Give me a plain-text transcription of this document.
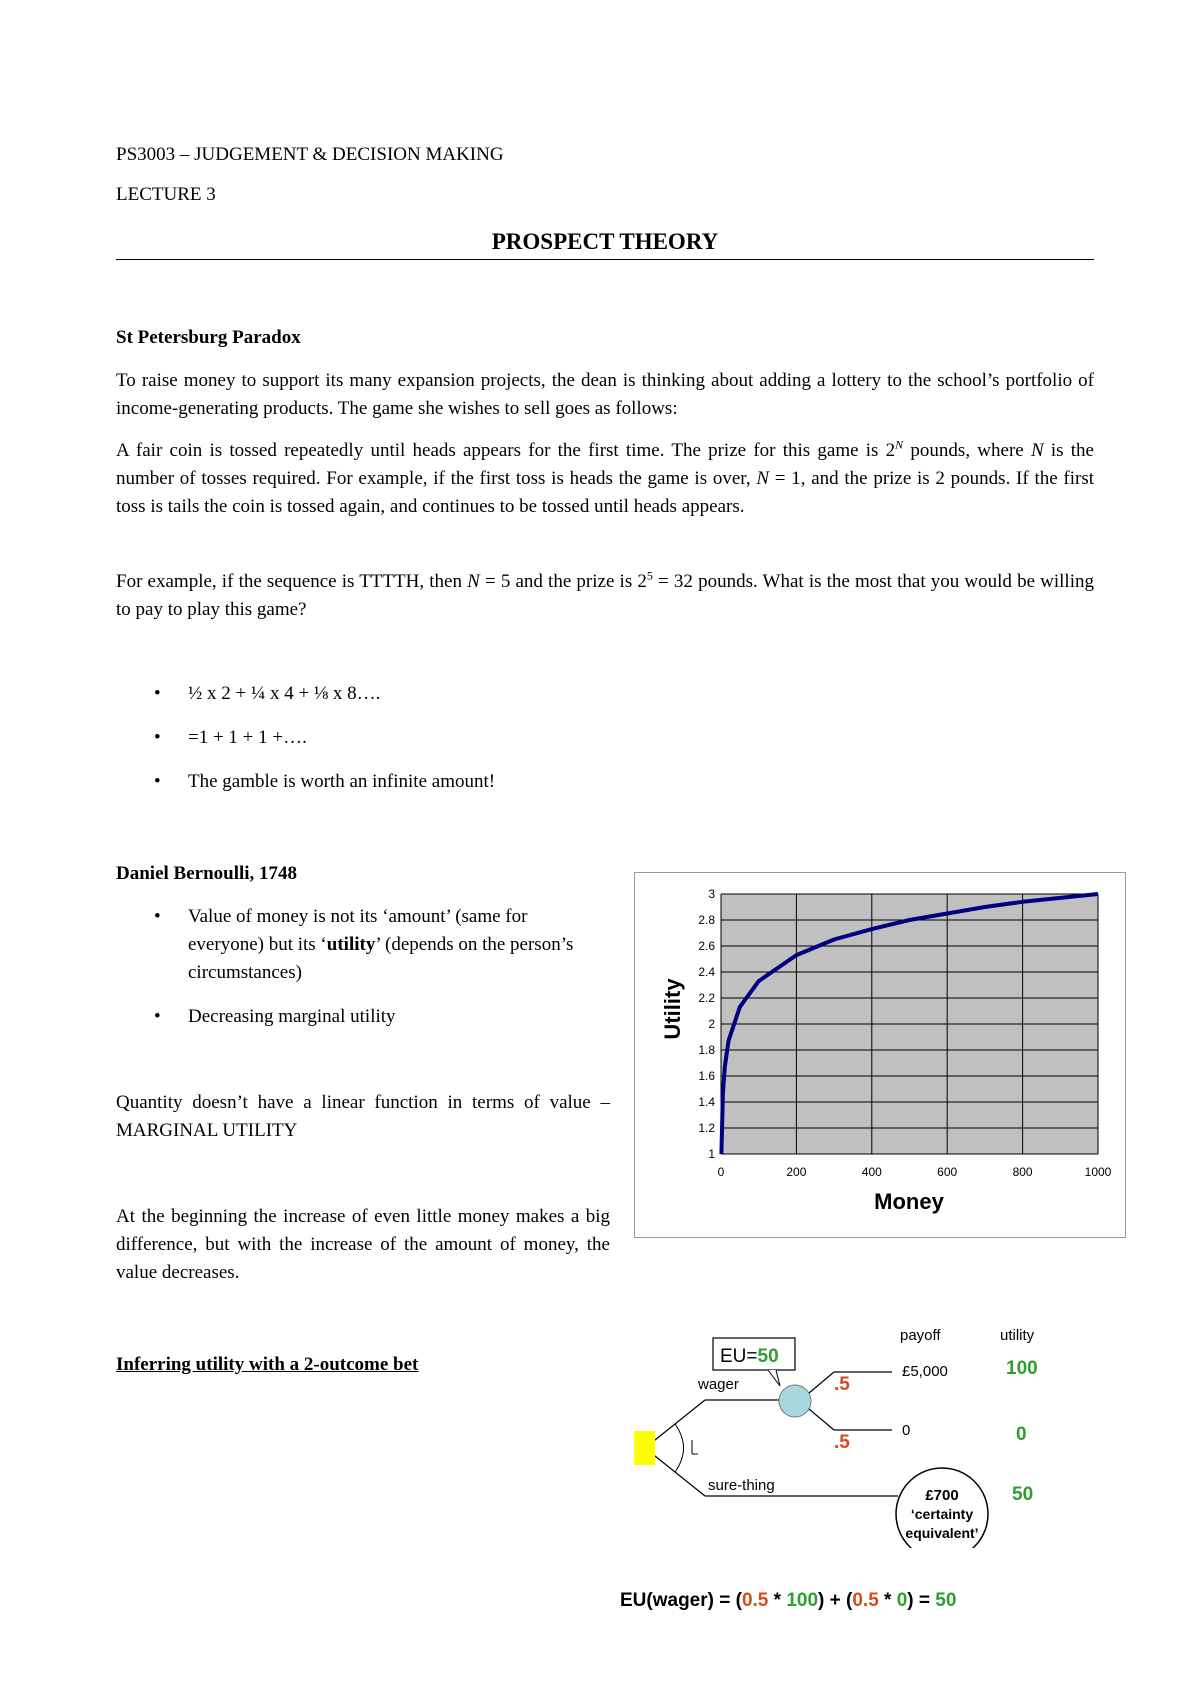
PS3003 – JUDGEMENT & DECISION MAKING
LECTURE 3
PROSPECT THEORY
St Petersburg Paradox

To raise money to support its many expansion projects, the dean is thinking about adding a lottery to the school’s portfolio of income-generating products. The game she wishes to sell goes as follows:

A fair coin is tossed repeatedly until heads appears for the first time. The prize for this game is $2^N$ pounds, where N is the number of tosses required. For example, if the first toss is heads the game is over, N = 1, and the prize is 2 pounds. If the first toss is tails the coin is tossed again, and continues to be tossed until heads appears.

For example, if the sequence is TTTTH, then N = 5 and the prize is $2^5 = 32$ pounds. What is the most that you would be willing to pay to play this game?

• ½ x 2 + ¼ x 4 + ⅛ x 8….
• =1 + 1 + 1 +….
• The gamble is worth an infinite amount!
Daniel Bernoulli, 1748
• Value of money is not its ‘amount’ (same for everyone) but its ‘utility’ (depends on the person’s circumstances)
• Decreasing marginal utility

Quantity doesn’t have a linear function in terms of value – MARGINAL UTILITY

At the beginning the increase of even little money makes a big difference, but with the increase of the amount of money, the value decreases.

1
1.2
1.4
1.6
1.8
2
2.2
2.4
2.6
2.8
3
0	200	400	600	800	1000
Utility
Money
Inferring utility with a 2-outcome bet	EU=50
.5
.5
wager
sure-thing
payoff	utility
£5,000
0
100
0
50
£700
‘certainty
equivalent’
EU(wager) = (0.5 * 100) + (0.5 * 0) = 50
